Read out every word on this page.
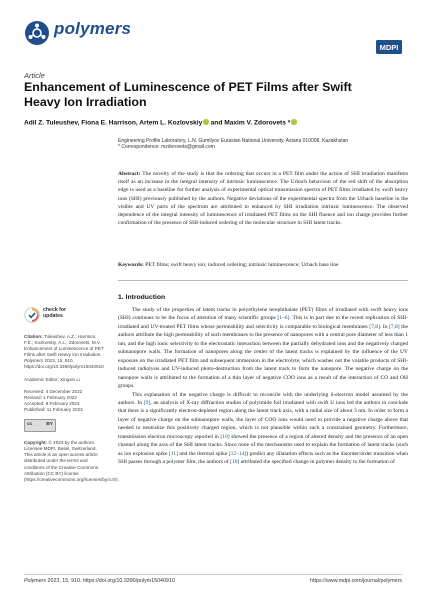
polymers
MDPI
Article
Enhancement of Luminescence of PET Films after Swift Heavy Ion Irradiation
Adil Z. Tuleushev, Fiona E. Harrison, Artem L. Kozlovskiy and Maxim V. Zdorovets *
Engineering Profile Laboratory, L.N. Gumilyov Eurasian National University, Astana 010008, Kazakhstan
* Correspondence: mzdorovets@gmail.com

Abstract: The novelty of the study is that the ordering that occurs in a PET film under the action of SHI irradiation manifests itself as an increase in the integral intensity of intrinsic luminescence. The Urbach behaviour of the red shift of the absorption edge is used as a baseline for further analysis of experimental optical transmission spectra of PET films irradiated by swift heavy ions (SHI) previously published by the authors. Negative deviations of the experimental spectra from the Urbach baseline in the visible and UV parts of the spectrum are attributed to enhanced by SHI irradiation intrinsic luminescence. The observed dependence of the integral intensity of luminescence of irradiated PET films on the SHI fluence and ion charge provides further confirmation of the presence of SHI-induced ordering of the molecular structure in SHI latent tracks.

Keywords: PET films; swift heavy ion; induced ordering; intrinsic luminescence; Urbach base line

1. Introduction

The study of the properties of latent tracks in polyethylene terephthalate (PET) films of irradiated with swift heavy ions (SHI) continues to be the focus of attention of many scientific groups [1–6]. This is in part due to the recent replication of SHI-irradiated and UV-treated PET films whose permeability and selectivity is comparable to biological membranes [7,8]. In [7,8] the authors attribute the high permeability of such membranes to the presence of nanopores with a central pore diameter of less than 1 nm, and the high ionic selectivity to the electrostatic interaction between the partially dehydrated ions and the negatively charged subnanopore walls. The formation of nanopores along the center of the latent tracks is explained by the influence of the UV exposure on the irradiated PET film and subsequent immersion in the electrolyte, which washes out the volatile products of SHI-induced radiolysis and UV-induced photo-destruction from the latent track to form the nanopore. The negative charge on the nanopore walls is attributed to the formation of a thin layer of negative COO ions as a result of the interaction of CO and OH groups.

This explanation of the negative charge is difficult to reconcile with the underlying δ-electron model assumed by the authors. In [9], an analysis of X-ray diffraction studies of polyimide foil irradiated with swift U ions led the authors to conclude that there is a significantly electron-depleted region along the latent track axis, with a radial size of about 3 nm. In order to form a layer of negative charge on the subnanopore walls, the layer of COO ions would need to provide a negative charge above that needed to neutralize this positively charged region, which is not plausible within such a constrained geometry. Furthermore, transmission electron microscopy reported in [10] showed the presence of a region of altered density and the presence of an open channel along the axis of the SHI latent tracks. Since none of the mechanisms used to explain the formation of latent tracks (such as ion explosion spike [11] and the thermal spike [12–14]) predict any dilatation effects such as the disorder/order transition when SHI passes through a polymer film, the authors of [10] attributed the specified change in polymer density to the formation of

check for
updates
Citation: Tuleushev, A.Z.; Harrison, F.E.; Kozlovskiy, A.L.; Zdorovets, M.V. Enhancement of Luminescence of PET Films after Swift Heavy Ion Irradiation. Polymers 2023, 15, 910. https://doi.org/10.3390/polym15040910
Academic Editor: Xingxin Li
Received: 4 December 2022
Revised: 1 February 2023
Accepted: 9 February 2023
Published: 11 February 2023
cc	BY
Copyright: © 2023 by the authors. Licensee MDPI, Basel, Switzerland. This article is an open access article distributed under the terms and conditions of the Creative Commons Attribution (CC BY) license (https://creativecommons.org/licenses/by/4.0/).
Polymers 2023, 15, 910. https://doi.org/10.3390/polym15040910	https://www.mdpi.com/journal/polymers
